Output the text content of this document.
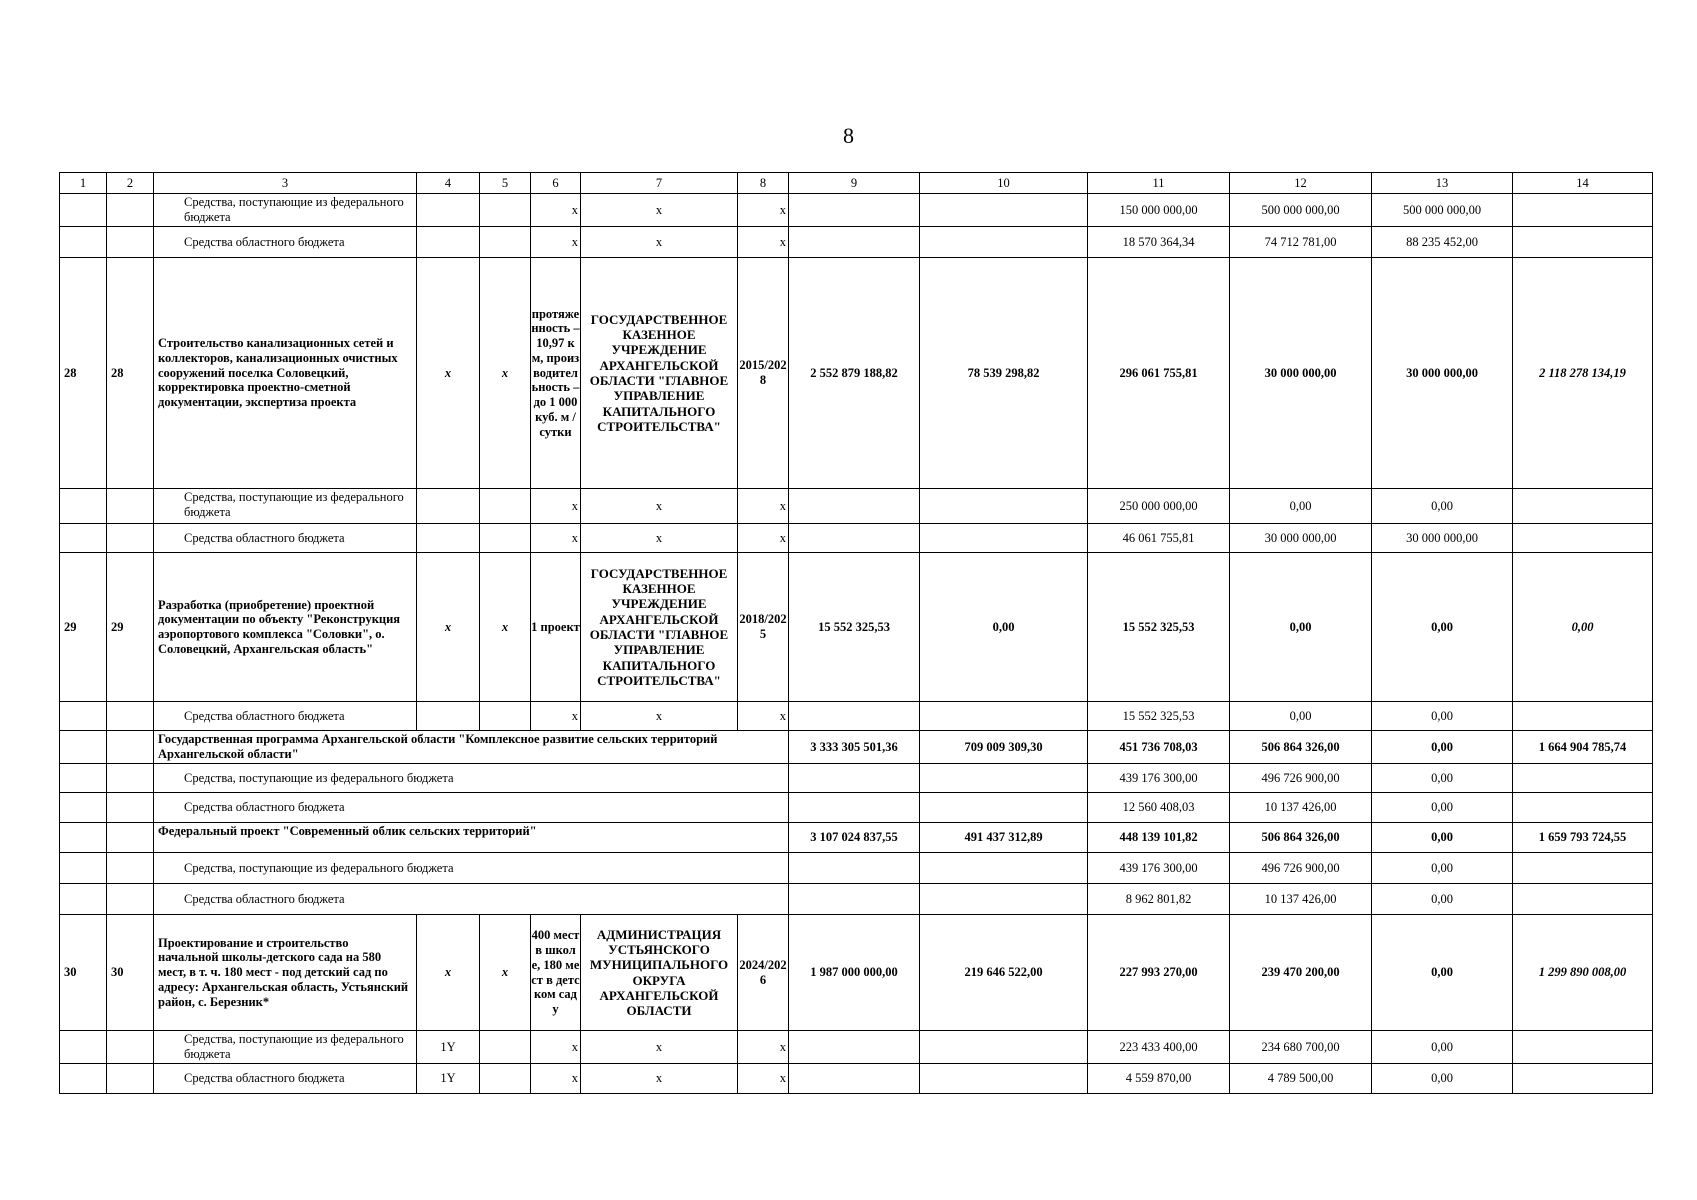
8
1	2	3	4	5	6	7	8	9	10	11	12	13	14
		Средства, поступающие из федерального бюджета			х	х	х			150 000 000,00	500 000 000,00	500 000 000,00	
		Средства областного бюджета			х	х	х			18 570 364,34	74 712 781,00	88 235 452,00	
28	28	Строительство канализационных сетей и коллекторов, канализационных очистных сооружений поселка Соловецкий, корректировка проектно-сметной документации, экспертиза проекта	x	x	протяженность – 10,97 км, производительность – до 1 000 куб. м / сутки	ГОСУДАРСТВЕННОЕ КАЗЕННОЕ УЧРЕЖДЕНИЕ АРХАНГЕЛЬСКОЙ ОБЛАСТИ "ГЛАВНОЕ УПРАВЛЕНИЕ КАПИТАЛЬНОГО СТРОИТЕЛЬСТВА"	2015/2028	2 552 879 188,82	78 539 298,82	296 061 755,81	30 000 000,00	30 000 000,00	2 118 278 134,19
		Средства, поступающие из федерального бюджета			х	х	х			250 000 000,00	0,00	0,00	
		Средства областного бюджета			х	х	х			46 061 755,81	30 000 000,00	30 000 000,00	
29	29	Разработка (приобретение) проектной документации по объекту "Реконструкция аэропортового комплекса "Соловки", о. Соловецкий, Архангельская область"	x	x	1 проект	ГОСУДАРСТВЕННОЕ КАЗЕННОЕ УЧРЕЖДЕНИЕ АРХАНГЕЛЬСКОЙ ОБЛАСТИ "ГЛАВНОЕ УПРАВЛЕНИЕ КАПИТАЛЬНОГО СТРОИТЕЛЬСТВА"	2018/2025	15 552 325,53	0,00	15 552 325,53	0,00	0,00	0,00
		Средства областного бюджета			х	х	х			15 552 325,53	0,00	0,00	
		Государственная программа Архангельской области "Комплексное развитие сельских территорий Архангельской области"						3 333 305 501,36	709 009 309,30	451 736 708,03	506 864 326,00	0,00	1 664 904 785,74
		Средства, поступающие из федерального бюджета								439 176 300,00	496 726 900,00	0,00	
		Средства областного бюджета								12 560 408,03	10 137 426,00	0,00	
		Федеральный проект "Современный облик сельских территорий"						3 107 024 837,55	491 437 312,89	448 139 101,82	506 864 326,00	0,00	1 659 793 724,55
		Средства, поступающие из федерального бюджета								439 176 300,00	496 726 900,00	0,00	
		Средства областного бюджета								8 962 801,82	10 137 426,00	0,00	
30	30	Проектирование и строительство начальной школы-детского сада на 580 мест, в т. ч. 180 мест - под детский сад по адресу: Архангельская область, Устьянский район, с. Березник*	x	x	400 мест в школе, 180 мест в детском саду	АДМИНИСТРАЦИЯ УСТЬЯНСКОГО МУНИЦИПАЛЬНОГО ОКРУГА АРХАНГЕЛЬСКОЙ ОБЛАСТИ	2024/2026	1 987 000 000,00	219 646 522,00	227 993 270,00	239 470 200,00	0,00	1 299 890 008,00
		Средства, поступающие из федерального бюджета	1Y		х	х	х			223 433 400,00	234 680 700,00	0,00	
		Средства областного бюджета	1Y		х	х	х			4 559 870,00	4 789 500,00	0,00	
